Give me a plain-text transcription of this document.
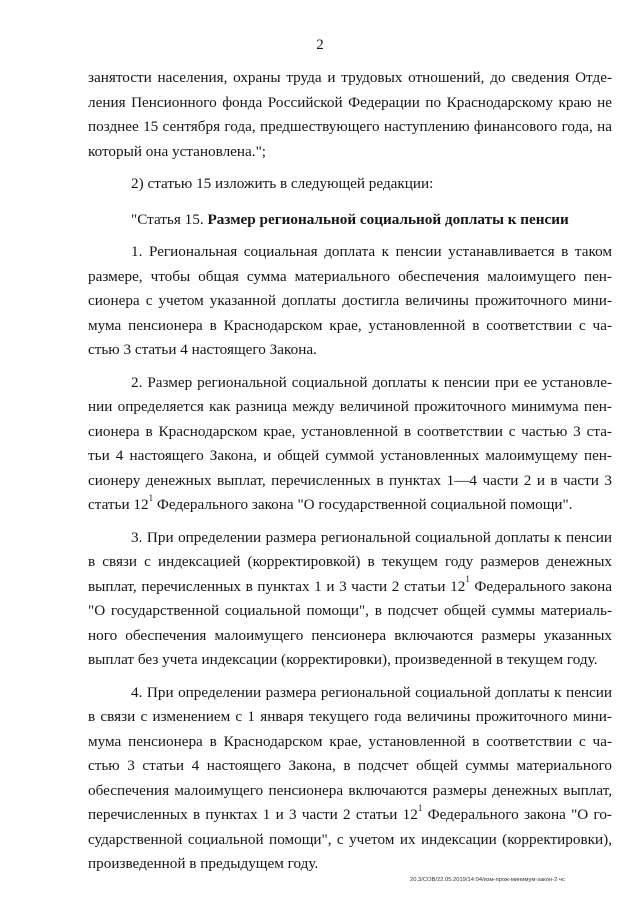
2
занятости населения, охраны труда и трудовых отношений, до сведения Отде-
ления Пенсионного фонда Российской Федерации по Краснодарскому краю не
позднее 15 сентября года, предшествующего наступлению финансового года, на
который она установлена.";
2) статью 15 изложить в следующей редакции:
"Статья 15. Размер региональной социальной доплаты к пенсии
1. Региональная социальная доплата к пенсии устанавливается в таком
размере, чтобы общая сумма материального обеспечения малоимущего пен-
сионера с учетом указанной доплаты достигла величины прожиточного мини-
мума пенсионера в Краснодарском крае, установленной в соответствии с ча-
стью 3 статьи 4 настоящего Закона.
2. Размер региональной социальной доплаты к пенсии при ее установле-
нии определяется как разница между величиной прожиточного минимума пен-
сионера в Краснодарском крае, установленной в соответствии с частью 3 ста-
тьи 4 настоящего Закона, и общей суммой установленных малоимущему пен-
сионеру денежных выплат, перечисленных в пунктах 1—4 части 2 и в части 3
статьи $12^1$ Федерального закона "О государственной социальной помощи".
3. При определении размера региональной социальной доплаты к пенсии
в связи с индексацией (корректировкой) в текущем году размеров денежных
выплат, перечисленных в пунктах 1 и 3 части 2 статьи $12^1$ Федерального закона
"О государственной социальной помощи", в подсчет общей суммы материаль-
ного обеспечения малоимущего пенсионера включаются размеры указанных
выплат без учета индексации (корректировки), произведенной в текущем году.
4. При определении размера региональной социальной доплаты к пенсии
в связи с изменением с 1 января текущего года величины прожиточного мини-
мума пенсионера в Краснодарском крае, установленной в соответствии с ча-
стью 3 статьи 4 настоящего Закона, в подсчет общей суммы материального
обеспечения малоимущего пенсионера включаются размеры денежных выплат,
перечисленных в пунктах 1 и 3 части 2 статьи $12^1$ Федерального закона "О го-
сударственной социальной помощи", с учетом их индексации (корректировки),
произведенной в предыдущем году.
20.3/СОВ/22.05.2019/14:04/изм-прож-минимум-закон-2 чс
